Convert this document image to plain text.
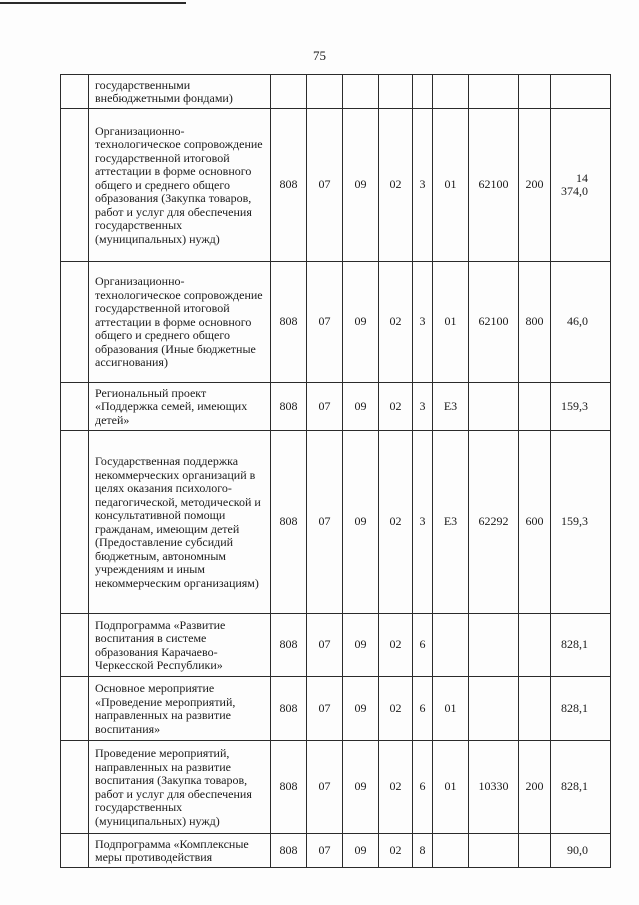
75
	государственными внебюджетными фондами)									
	Организационно-технологическое сопровождение государственной итоговой аттестации в форме основного общего и среднего общего образования (Закупка товаров, работ и услуг для обеспечения государственных (муниципальных) нужд)	808	07	09	02	3	01	62100	200	14 374,0
	Организационно-технологическое сопровождение государственной итоговой аттестации в форме основного общего и среднего общего образования (Иные бюджетные ассигнования)	808	07	09	02	3	01	62100	800	46,0
	Региональный проект «Поддержка семей, имеющих детей»	808	07	09	02	3	Е3			159,3
	Государственная поддержка некоммерческих организаций в целях оказания психолого-педагогической, методической и консультативной помощи гражданам, имеющим детей (Предоставление субсидий бюджетным, автономным учреждениям и иным некоммерческим организациям)	808	07	09	02	3	Е3	62292	600	159,3
	Подпрограмма «Развитие воспитания в системе образования Карачаево-Черкесской Республики»	808	07	09	02	6				828,1
	Основное мероприятие «Проведение мероприятий, направленных на развитие воспитания»	808	07	09	02	6	01			828,1
	Проведение мероприятий, направленных на развитие воспитания (Закупка товаров, работ и услуг для обеспечения государственных (муниципальных) нужд)	808	07	09	02	6	01	10330	200	828,1
	Подпрограмма «Комплексные меры противодействия	808	07	09	02	8				90,0
